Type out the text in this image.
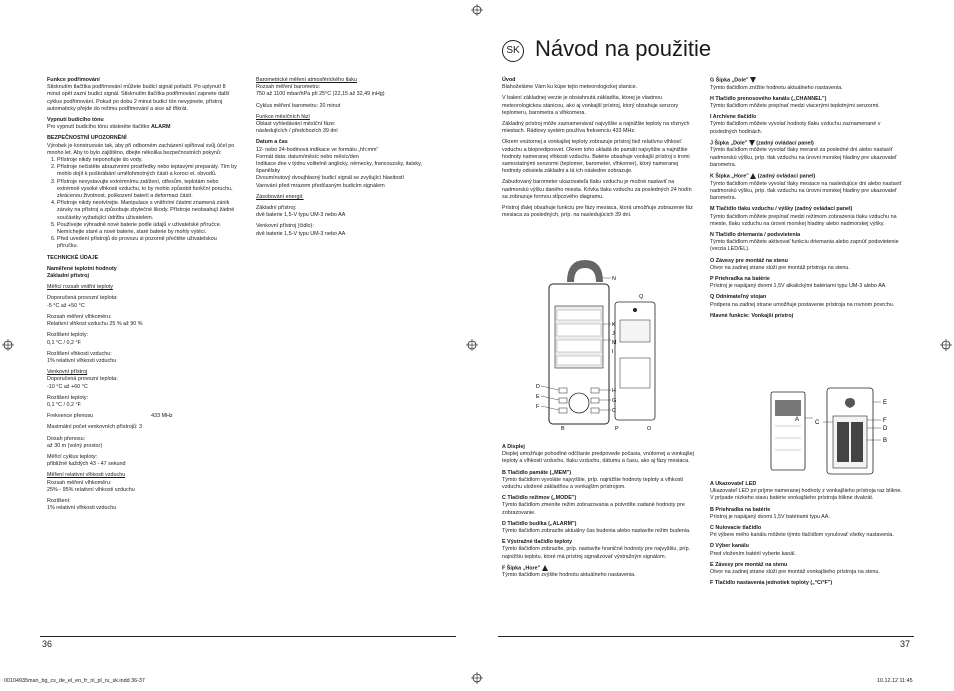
SK Návod na použitie
Funkce podřimování

Stisknutím tlačítka podřimování můžete budicí signál potlačit. Po uplynutí 8 minut opět zazní budicí signál. Stisknutím tlačítka podřimování zapnete další cyklus podřimování. Pokud po dobu 2 minut budicí tón nevypnete, přístroj automaticky přejde do režimu podřimování a sice až třikrát.

Vypnutí budicího tónu

Pro vypnutí budicího tónu stiskněte tlačítko ALARM

BEZPEČNOSTNÍ UPOZORNĚNÍ
Výrobek je konstruován tak, aby při odborném zacházení spĺňoval svůj účel po mnoho let. Aby to bylo zajištěno, dbejte několika bezpečnostních pokynů:
1. Přístroje nikdy neponořujte do vody.
2. Přístroje nečistěte abrazivními prostředky nebo leptavými preparáty. Tím by mohlo dojít k poškrábání umělohmotných částí a koroci el. obvodů.
3. Přístroje nevystavujte extrémnímu zatížení, otřesům, teplotám nebo extrémně vysoké vlhkosti vzduchu, to by mohlo způsobit funkční poruchu, zkrácenou životnost, poškození baterií a deformaci částí.
4. Přístroje nikdy neotvírejte. Manipulace s vnitřními částmi znamená zánik záruky na přístroj a způsobuje zbytečné škody. Přístroje neobsahují žádné součástky vyžadující údržbu uživatelem.
5. Používejte výhradně nové baterie podle údajů v uživatelské příručce. Nemíchejte staré a nové baterie, staré baterie by mohly vytéci.
6. Před uvedení přístrojů do provozu si pozorně přečtěte uživatelskou příručku.

TECHNICKÉ ÚDAJE

Naměřené teplotní hodnoty

Základní přístroj

Měřicí rozsah vnitřní teploty

Doporučená provozní teplota:

-5 °C až +50 °C

Rozsah měření vlhkoměru:

Relativní vlhkost vzduchu 25 % až 90 %

Rozlišení teploty:

0,1 °C / 0,2 °F

Rozlišení vlhkosti vzduchu:

1% relativní vlhkosti vzduchu

Venkovní přístroj
Doporučená provozní teplota:

-10 °C až +60 °C

Rozlišení teploty:

0,1 °C / 0,2 °F

Frekvence přenosu	433 MHz

Maximální počet venkovních přístrojů: 3

Dosah přenosu:

až 30 m (volný prostor)

Měřicí cyklus teploty:

přibližně každých 43 - 47 sekund

Měření relativní vlhkosti vzduchu
Rozsah měření vlhkoměru:

25% - 95% relativní vlhkosti vzduchu

Rozlišení:
1% relativní vlhkosti vzduchu
Barometrické měření atmosférického tlaku
Rozsah měření barometru:

750 až 1100 mbar/hPa při 25°C (22,15 až 32,49 inHg)

Cyklus měření barometru: 20 minut

Funkce měsíčních fází
Oblast vyhledávání měsíční fáze:

následujících / předchozích 39 dní

Datum a čas
12- nebo 24-hodinová indikace ve formátu „hh:mm"
Formát data: datum/měsíc nebo měsíc/den
Indikace dne v týdnu volitelně anglicky, německy, francouzsky, italsky,
španělsky
Dvoumínutový dvoujhlasný budicí signál se zvyšující hlasitostí

Varování před mrazem předčasným budicím signálem

Zásobování energií:

Základní přístroj:

dvě baterie 1,5-V typu UM-3 nebo AA

Venkovní přístroj (čidlo):
dvě baterie 1,5-V typu UM-3 nebo AA
Úvod

Blahoželáme Vám ku kúpe tejto meteorologickej stanice.

V balení základnej verzie je obsiahnutá základňa, ktorej je vlastnou meteorologickou stanicou, ako aj vonkajší prístroj, ktorý obsahuje senzory teplomeru, barometra a vlhkomera.

Základný prístroj môže zaznamenávať najvyššie a najnižšie teploty na rôznych miestach. Rádiovy systém používa frekvenciu 433 MHz.

Okrem vnútornej a vonkajšej teploty zobrazuje prístroj tiež relatívnu vlhkosť vzduchu a bioprediposvet. Okrem toho ukladá do pamäti najvyššie a najnižšie hodnoty nameranej vlhkosti vzduchu. Batérie obsahuje vonkajší prístroj s tromi samostatnými senzormi (teplomer, barometer, vlhkomer), ktorý nameranej hodnoty odosiela základni a tá ich následne zobrazuje.

Zabudovaný barometer ukazovateľa tlaku vzduchu je možné nastaviť na nadmorskú výšku daného miesta. Krivka tlaku vzduchu za posledných 24 hodín sa zobrazuje formou stĺpcového diagramu.

Prístroj ďalej obsahuje funkciu pre fázy mesiaca, ktorá umožňuje zobrazenie fáz mesiaca za posledných, príp. na nasledujúcich 39 dní.

N
Q
K
J
M
I
D
E
F
H
G
C
B	P	O
A Displej

Displej umožňuje pohodlné odčítanie predpovede počasia, vnútornej a vonkajšej teploty a vlhkosti vzduchu, tlaku vzduchu, dátumu a času, ako aj fázy mesiaca.

B Tlačidlo pamäte („MEM")

Týmto tlačidlom vyvoláte najvyššie, príp. najnižšie hodnoty teploty a vlhkosti vzduchu uložené základňou a vonkajším prístrojom.

C Tlačidlo režimov („MODE")

Týmto tlačidlom zmeníte režim zobrazovania a potvrdíte zadané hodnoty pre zobrazovanie.

D Tlačidlo budíka („ALARM")

Týmto tlačidlom zobrazíte aktuálny čas budenia alebo nastavíte režim budenia.

E Výstražné tlačidlo teploty

Týmto tlačidlom zobrazíte, príp. nastavíte hraničné hodnoty pre najvyššiu, príp. najnižšiu teplotu, ktoré má prístroj signalizovať výstražným signálom.

F Šípka „Hore"

Týmto tlačidlom zvýšite hodnotu aktuálneho nastavenia.

G Šípka „Dole"

Týmto tlačidlom znížite hodnotu aktuálneho nastavenia.

H Tlačidlo prenosového kanálu („CHANNEL")

Týmto tlačidlom môžete prepínať medzi viacerými teplotnými senzormi.

I Archívne tlačidlo

Týmto tlačidlom môžete vyvolať hodnoty tlaku vzduchu zaznamenané v posledných hodinách.

J Šípka „Dole"  (zadný ovládací panel)

Týmto tlačidlom môžete vyvolať tlaky merané za posledné dni alebo nastaviť nadmorskú výšku, príp. tlak vzduchu na úrovni morskej hladiny pre ukazovateľ barometra.

K Šípka „Hore"  (zadný ovládací panel)

Týmto tlačidlom môžete vyvolať tlaky mesiace na nasledujúce dni alebo nastaviť nadmorskú výšku, príp. tlak vzduchu na úrovni morskej hladiny pre ukazovateľ barometra.

M Tlačidlo tlaku vzduchu / výšky (zadný ovládací panel)

Týmto tlačidlom môžete prepínať medzi režimom zobrazenia tlaku vzduchu na mieste, tlaku vzduchu na úrovni morskej hladiny alebo nadmorskej výšky.

N Tlačidlo driemania / podsvietenia

Týmto tlačidlom môžete aktivovať funkciu driemania alebo zapnúť podsvietenie (verzia LED/EL).

O Závesy pre montáž na stenu

Otvor na zadnej strane slúži pre montáž prístroja na stenu.

P Priehradka na batérie

Prístroj je napájaný dvomi 1,5V alkalickými batériami typu UM-3 alebo AA.

Q Odnímateľný stojan

Podpera na zadnej strane umožňuje postavenie prístroja na rovnom povrchu.

Hlavné funkcie: Vonkajší prístroj
A	C
E
F
D
B
A Ukazovateľ LED

Ukazovateľ LED pri príjme nameranej hodnoty z vonkajšieho prístroja raz bliknе. V prípade nízkeho stavu batérie vonkajšieho prístroja bliknе dvakrát.

B Priehradka na batérie

Prístroj je napájaný dvomi 1,5V batériami typu AA.

C Nulovacie tlačidlo

Pri výbere mého kanálu môžete týmto tlačidlom vynulovať všetky nastavenia.

D Výber kanálu

Pred vložením batérií vyberte kanál.

E Závesy pre montáž na stenu

Otvor na zadnej strane slúži pre montáž vonkajšieho prístroja na stenu.

F Tlačidlo nastavenia jednotiek teploty („°C/°F")
36	37
00104935man_bg_cs_de_el_en_fr_nl_pl_ru_sk.indd 36-37	10.12.12 11:45
